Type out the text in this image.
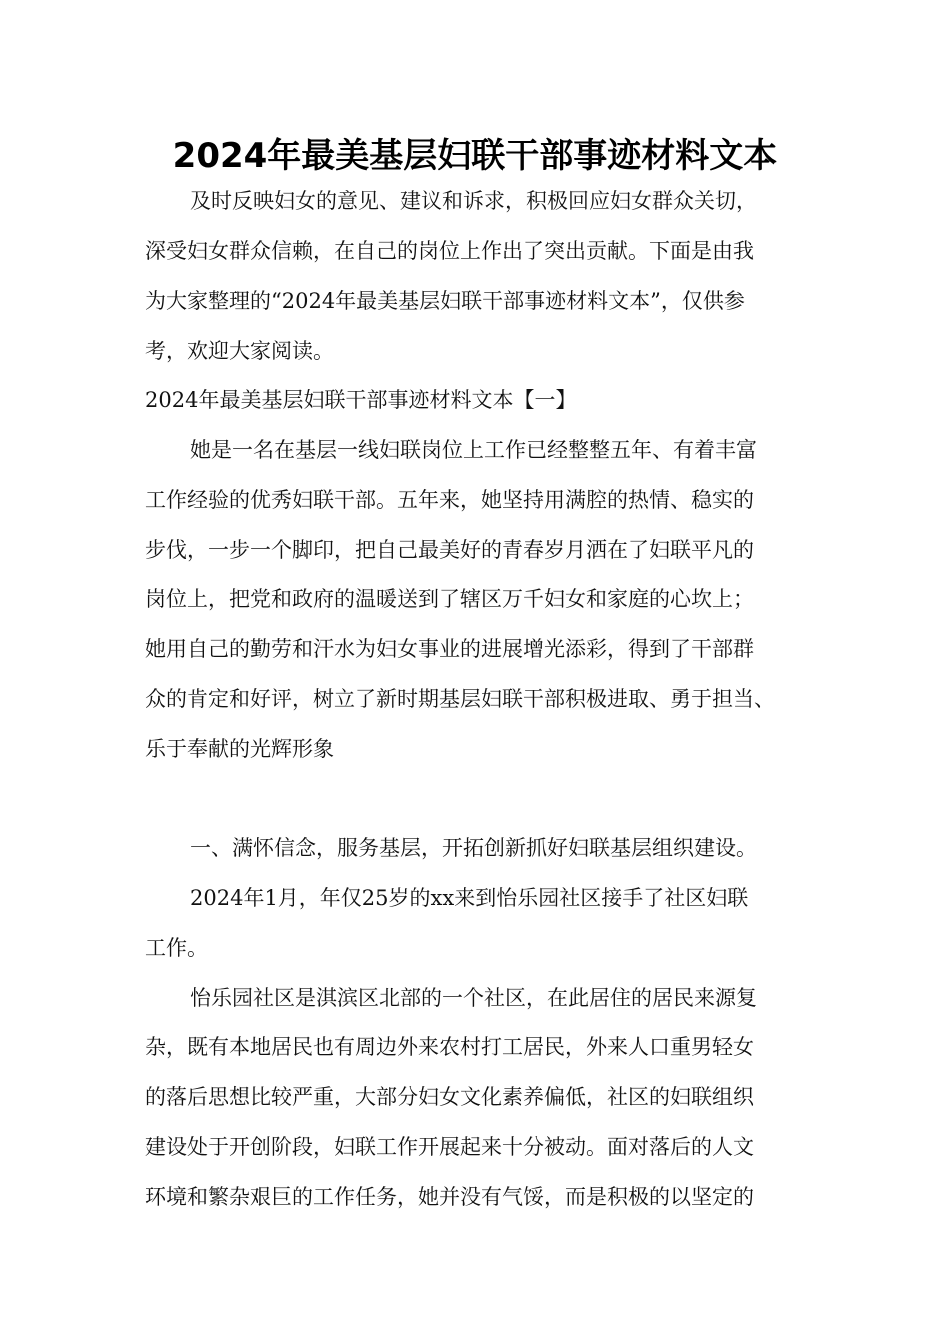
2024年最美基层妇联干部事迹材料文本
及时反映妇女的意见、建议和诉求，积极回应妇女群众关切，
深受妇女群众信赖，在自己的岗位上作出了突出贡献。下面是由我
为大家整理的“2024年最美基层妇联干部事迹材料文本”，仅供参
考，欢迎大家阅读。
2024年最美基层妇联干部事迹材料文本【一】
她是一名在基层一线妇联岗位上工作已经整整五年、有着丰富
工作经验的优秀妇联干部。五年来，她坚持用满腔的热情、稳实的
步伐，一步一个脚印，把自己最美好的青春岁月洒在了妇联平凡的
岗位上，把党和政府的温暖送到了辖区万千妇女和家庭的心坎上；
她用自己的勤劳和汗水为妇女事业的进展增光添彩，得到了干部群
众的肯定和好评，树立了新时期基层妇联干部积极进取、勇于担当、
乐于奉献的光辉形象
一、满怀信念，服务基层，开拓创新抓好妇联基层组织建设。
2024年1月，年仅25岁的xx来到怡乐园社区接手了社区妇联
工作。
怡乐园社区是淇滨区北部的一个社区，在此居住的居民来源复
杂，既有本地居民也有周边外来农村打工居民，外来人口重男轻女
的落后思想比较严重，大部分妇女文化素养偏低，社区的妇联组织
建设处于开创阶段，妇联工作开展起来十分被动。面对落后的人文
环境和繁杂艰巨的工作任务，她并没有气馁，而是积极的以坚定的
